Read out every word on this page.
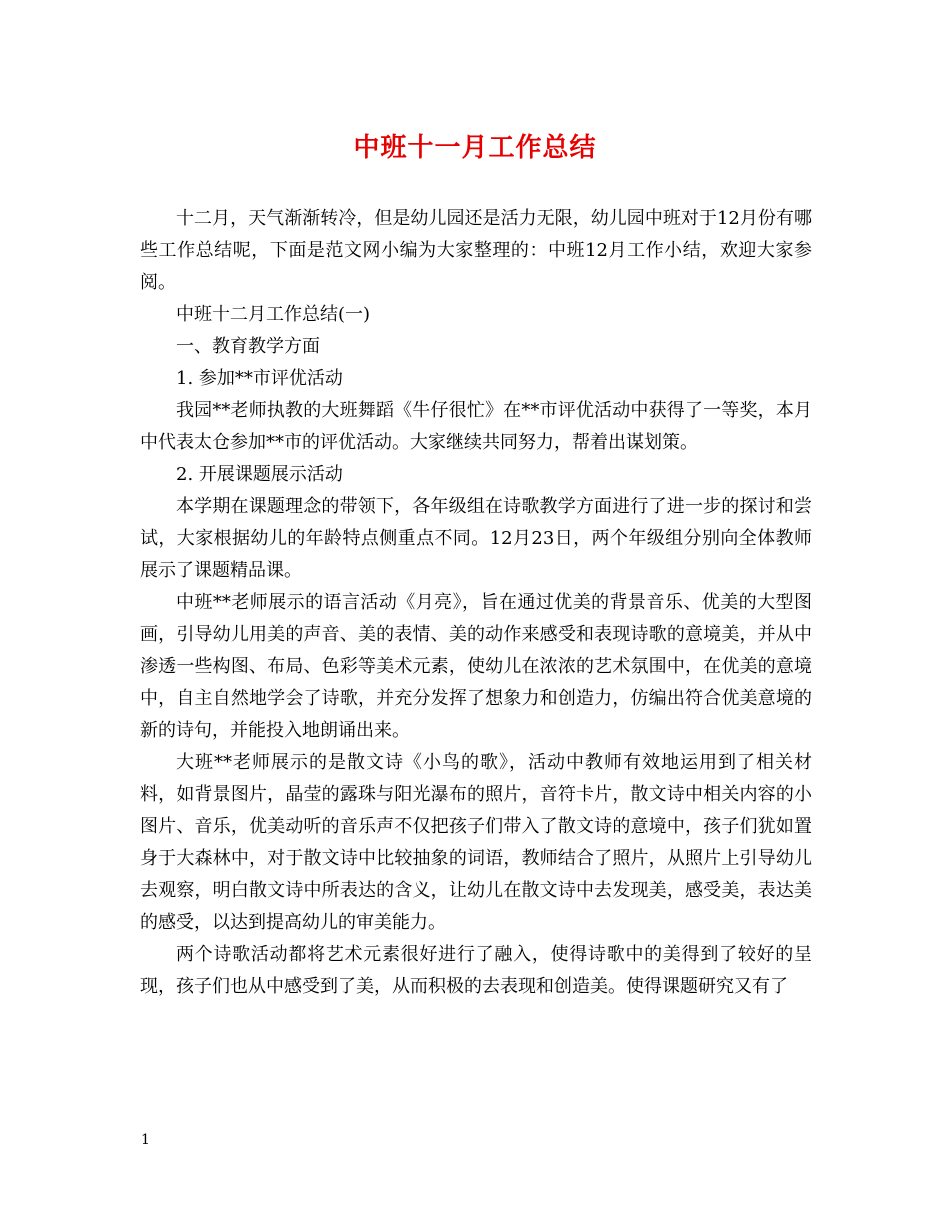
中班十一月工作总结

十二月，天气渐渐转冷，但是幼儿园还是活力无限，幼儿园中班对于12月份有哪些工作总结呢，下面是范文网小编为大家整理的：中班12月工作小结，欢迎大家参阅。

中班十二月工作总结(一)

一、教育教学方面

1. 参加**市评优活动

我园**老师执教的大班舞蹈《牛仔很忙》在**市评优活动中获得了一等奖，本月中代表太仓参加**市的评优活动。大家继续共同努力，帮着出谋划策。

2. 开展课题展示活动

本学期在课题理念的带领下，各年级组在诗歌教学方面进行了进一步的探讨和尝试，大家根据幼儿的年龄特点侧重点不同。12月23日，两个年级组分别向全体教师展示了课题精品课。

中班**老师展示的语言活动《月亮》，旨在通过优美的背景音乐、优美的大型图画，引导幼儿用美的声音、美的表情、美的动作来感受和表现诗歌的意境美，并从中渗透一些构图、布局、色彩等美术元素，使幼儿在浓浓的艺术氛围中，在优美的意境中，自主自然地学会了诗歌，并充分发挥了想象力和创造力，仿编出符合优美意境的新的诗句，并能投入地朗诵出来。

大班**老师展示的是散文诗《小鸟的歌》，活动中教师有效地运用到了相关材料，如背景图片，晶莹的露珠与阳光瀑布的照片，音符卡片，散文诗中相关内容的小图片、音乐，优美动听的音乐声不仅把孩子们带入了散文诗的意境中，孩子们犹如置身于大森林中，对于散文诗中比较抽象的词语，教师结合了照片，从照片上引导幼儿去观察，明白散文诗中所表达的含义，让幼儿在散文诗中去发现美，感受美，表达美的感受，以达到提高幼儿的审美能力。

两个诗歌活动都将艺术元素很好进行了融入，使得诗歌中的美得到了较好的呈现，孩子们也从中感受到了美，从而积极的去表现和创造美。使得课题研究又有了

1
